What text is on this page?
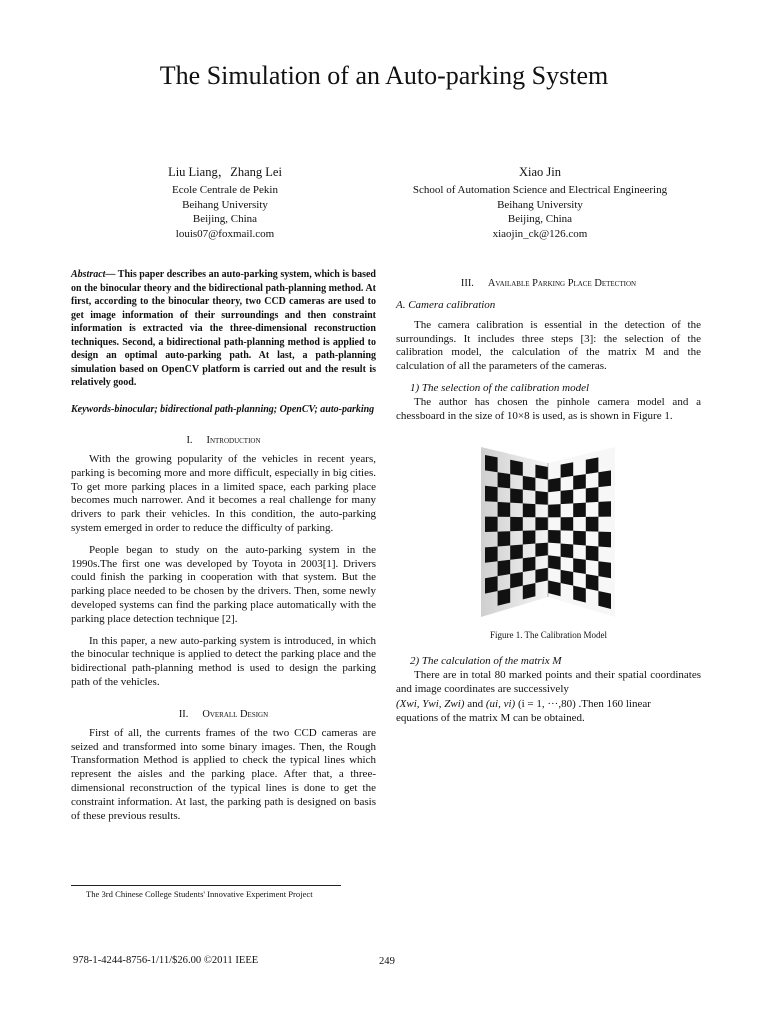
The Simulation of an Auto-parking System
Liu Liang，Zhang Lei
Ecole Centrale de Pekin
Beihang University
Beijing, China
louis07@foxmail.com
Xiao Jin
School of Automation Science and Electrical Engineering
Beihang University
Beijing, China
xiaojin_ck@126.com

Abstract— This paper describes an auto-parking system, which is based on the binocular theory and the bidirectional path-planning method. At first, according to the binocular theory, two CCD cameras are used to get image information of their surroundings and then constraint information is extracted via the three-dimensional reconstruction techniques. Second, a bidirectional path-planning method is applied to design an optimal auto-parking path. At last, a path-planning simulation based on OpenCV platform is carried out and the result is relatively good.

Keywords-binocular; bidirectional path-planning; OpenCV; auto-parking

I. Introduction

With the growing popularity of the vehicles in recent years, parking is becoming more and more difficult, especially in big cities. To get more parking places in a limited space, each parking place becomes much narrower. And it becomes a real challenge for many drivers to park their vehicles. In this condition, the auto-parking system emerged in order to reduce the difficulty of parking.

People began to study on the auto-parking system in the 1990s.The first one was developed by Toyota in 2003[1]. Drivers could finish the parking in cooperation with that system. But the parking place needed to be chosen by the drivers. Then, some newly developed systems can find the parking place automatically with the parking place detection technique [2].

In this paper, a new auto-parking system is introduced, in which the binocular technique is applied to detect the parking place and the bidirectional path-planning method is used to design the parking path of the vehicles.

II. Overall Design

First of all, the currents frames of the two CCD cameras are seized and transformed into some binary images. Then, the Rough Transformation Method is applied to check the typical lines which represent the aisles and the parking place. After that, a three-dimensional reconstruction of the typical lines is done to get the constraint information. At last, the parking path is designed on basis of these previous results.

III. Available Parking Place Detection
A. Camera calibration

The camera calibration is essential in the detection of the surroundings. It includes three steps [3]: the selection of the calibration model, the calculation of the matrix M and the calculation of all the parameters of the cameras.

1) The selection of the calibration model

The author has chosen the pinhole camera model and a chessboard in the size of 10×8 is used, as is shown in Figure 1.

Figure 1. The Calibration Model
2) The calculation of the matrix M

There are in total 80 marked points and their spatial coordinates and image coordinates are successively

(Xwi, Ywi, Zwi) and (ui, vi) (i = 1, ···,80) .Then 160 linear
equations of the matrix M can be obtained.
The 3rd Chinese College Students' Innovative Experiment Project
978-1-4244-8756-1/11/$26.00 ©2011 IEEE	249
